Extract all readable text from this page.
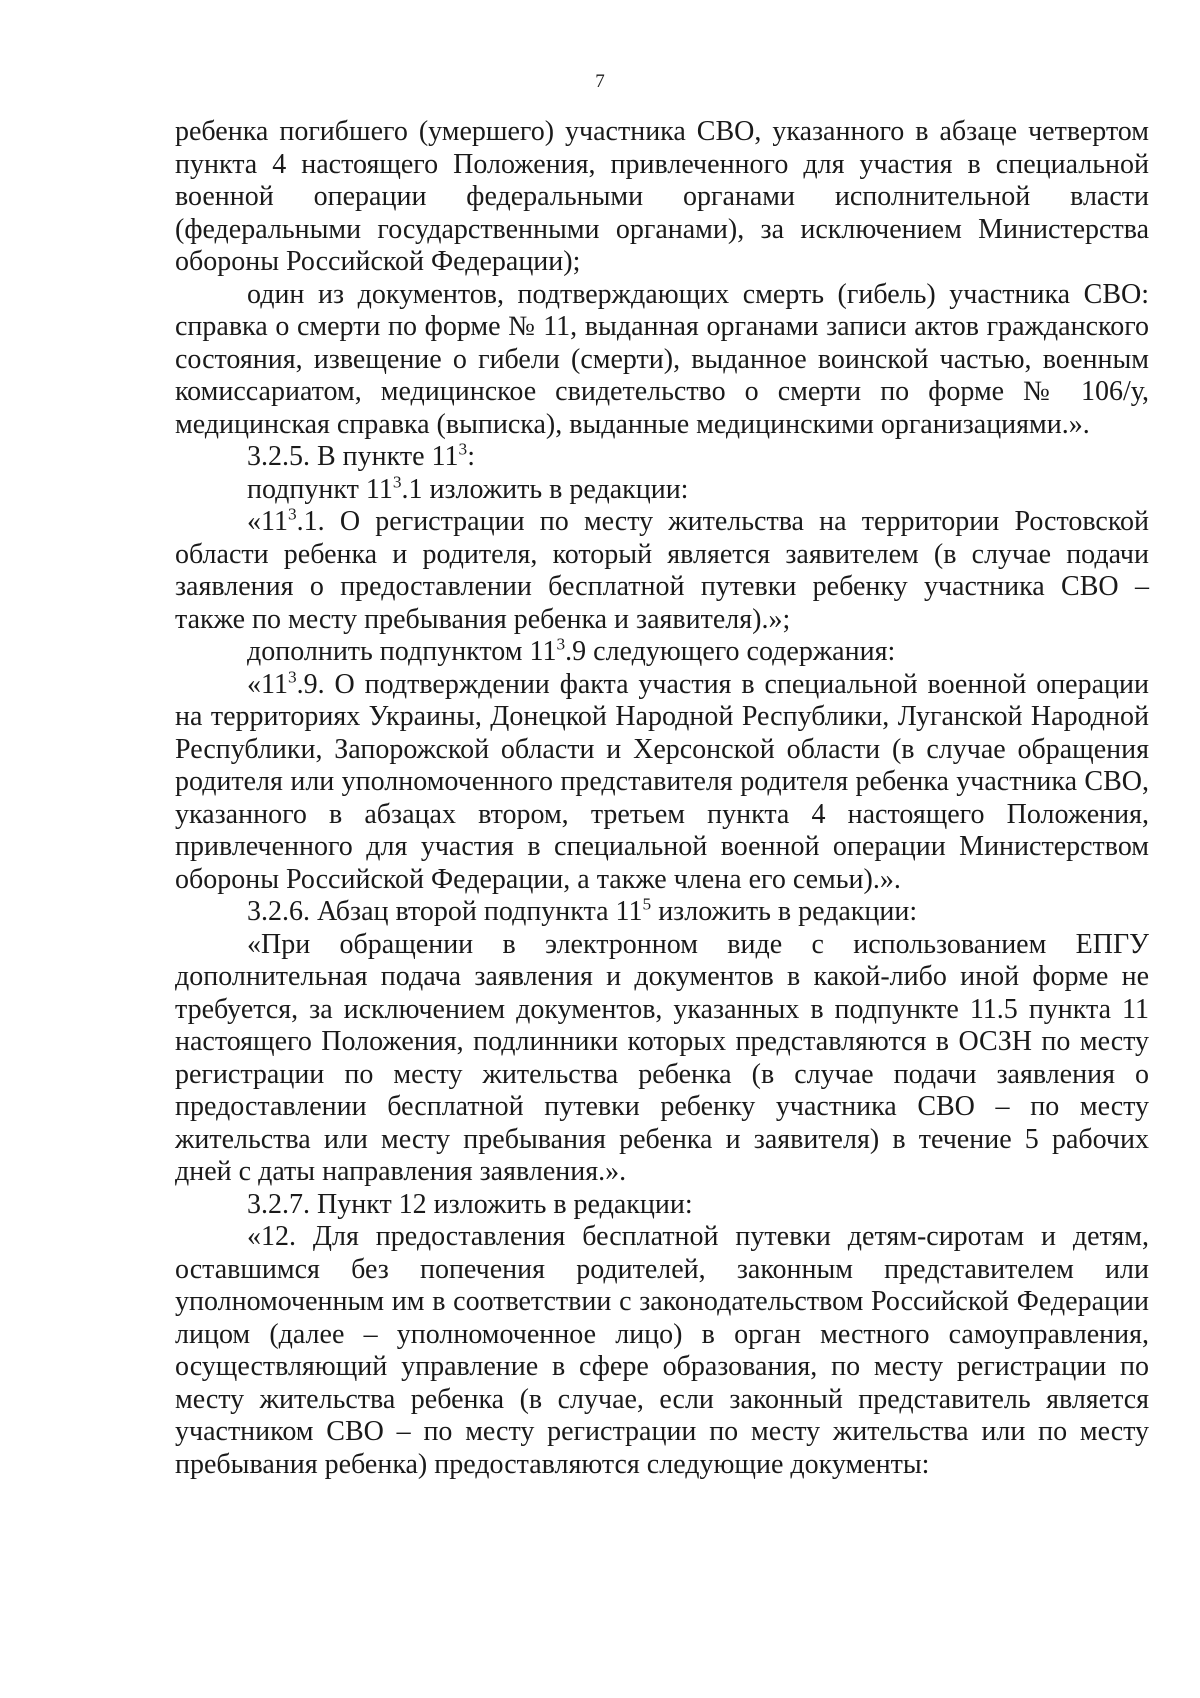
7

ребенка погибшего (умершего) участника СВО, указанного в абзаце четвертом пункта 4 настоящего Положения, привлеченного для участия в специальной военной операции федеральными органами исполнительной власти (федеральными государственными органами), за исключением Министерства обороны Российской Федерации);

один из документов, подтверждающих смерть (гибель) участника СВО: справка о смерти по форме № 11, выданная органами записи актов гражданского состояния, извещение о гибели (смерти), выданное воинской частью, военным комиссариатом, медицинское свидетельство о смерти по форме № 106/у, медицинская справка (выписка), выданные медицинскими организациями.».

3.2.5. В пункте $11^3$:

подпункт $11^3.1$ изложить в редакции:

«$11^3.1$. О регистрации по месту жительства на территории Ростовской области ребенка и родителя, который является заявителем (в случае подачи заявления о предоставлении бесплатной путевки ребенку участника СВО – также по месту пребывания ребенка и заявителя).»;

дополнить подпунктом $11^3.9$ следующего содержания:

«$11^3.9$. О подтверждении факта участия в специальной военной операции на территориях Украины, Донецкой Народной Республики, Луганской Народной Республики, Запорожской области и Херсонской области (в случае обращения родителя или уполномоченного представителя родителя ребенка участника СВО, указанного в абзацах втором, третьем пункта 4 настоящего Положения, привлеченного для участия в специальной военной операции Министерством обороны Российской Федерации, а также члена его семьи).».

3.2.6. Абзац второй подпункта $11^5$ изложить в редакции:

«При обращении в электронном виде с использованием ЕПГУ дополнительная подача заявления и документов в какой-либо иной форме не требуется, за исключением документов, указанных в подпункте 11.5 пункта 11 настоящего Положения, подлинники которых представляются в ОСЗН по месту регистрации по месту жительства ребенка (в случае подачи заявления о предоставлении бесплатной путевки ребенку участника СВО – по месту жительства или месту пребывания ребенка и заявителя) в течение 5 рабочих дней с даты направления заявления.».

3.2.7. Пункт 12 изложить в редакции:

«12. Для предоставления бесплатной путевки детям-сиротам и детям, оставшимся без попечения родителей, законным представителем или уполномоченным им в соответствии с законодательством Российской Федерации лицом (далее – уполномоченное лицо) в орган местного самоуправления, осуществляющий управление в сфере образования, по месту регистрации по месту жительства ребенка (в случае, если законный представитель является участником СВО – по месту регистрации по месту жительства или по месту пребывания ребенка) предоставляются следующие документы:
